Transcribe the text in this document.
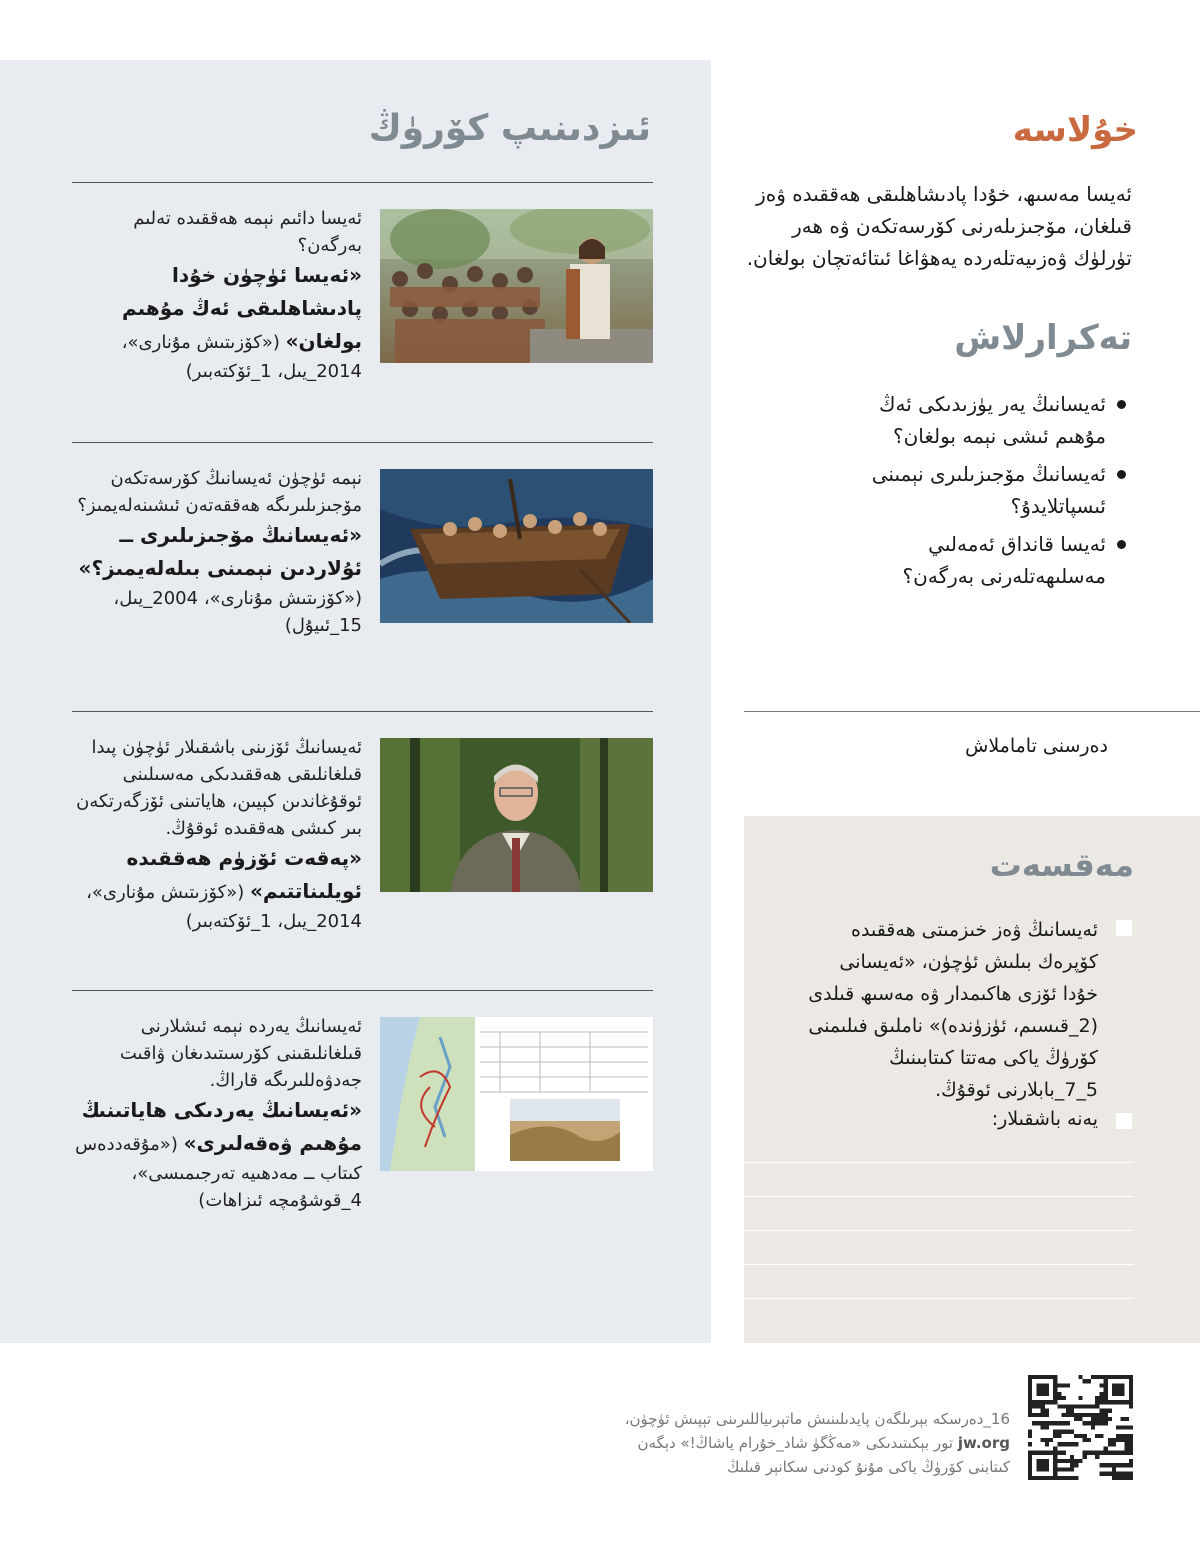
ئىزدىنىپ كۆرۈڭ
ئەيسا دائىم نېمە ھەققىدە تەلىم بەرگەن؟
«ئەيسا ئۈچۈن خۇدا پادىشاھلىقى ئەڭ مۇھىم بولغان» («كۆزىتىش مۇنارى»، 2014_يىل، 1_ئۆكتەبىر)
نېمە ئۈچۈن ئەيسانىڭ كۆرسەتكەن مۆجىزىلىرىگە ھەققەتەن ئىشىنەلەيمىز؟
«ئەيسانىڭ مۆجىزىلىرى ــ ئۇلاردىن نېمىنى بىلەلەيمىز؟» («كۆزىتىش مۇنارى»، 2004_يىل، 15_ئىيۇل)
ئەيسانىڭ ئۆزىنى باشقىلار ئۈچۈن پىدا قىلغانلىقى ھەققىدىكى مەسىلىنى ئوقۇغاندىن كېيىن، ھاياتىنى ئۆزگەرتكەن بىر كىشى ھەققىدە ئوقۇڭ.
«پەقەت ئۆزۈم ھەققىدە ئويلىناتتىم» («كۆزىتىش مۇنارى»، 2014_يىل، 1_ئۆكتەبىر)
ئەيسانىڭ يەردە نېمە ئىشلارنى قىلغانلىقىنى كۆرسىتىدىغان ۋاقىت جەدۋەللىرىگە قاراڭ.
«ئەيسانىڭ يەردىكى ھاياتىنىڭ مۇھىم ۋەقەلىرى» («مۇقەددەس كىتاب ــ مەدھىيە تەرجىمىسى»، 4_قوشۇمچە ئىزاھات)
خۇلاسە

ئەيسا مەسىھ، خۇدا پادىشاھلىقى ھەققىدە ۋەز قىلغان، مۆجىزىلەرنى كۆرسەتكەن ۋە ھەر تۈرلۈك ۋەزىيەتلەردە يەھۋاغا ئىتائەتچان بولغان.

تەكرارلاش
ئەيسانىڭ يەر يۈزىدىكى ئەڭ مۇھىم ئىشى نېمە بولغان؟
ئەيسانىڭ مۆجىزىلىرى نېمىنى ئىسپاتلايدۇ؟
ئەيسا قانداق ئەمەلىي مەسلىھەتلەرنى بەرگەن؟
دەرسنى تاماملاش
مەقسەت

ئەيسانىڭ ۋەز خىزمىتى ھەققىدە كۆپرەك بىلىش ئۈچۈن، «ئەيسانى خۇدا ئۆزى ھاكىمدار ۋە مەسىھ قىلدى (2_قىسىم، ئۈزۈندە)» ناملىق فىلىمنى كۆرۈڭ ياكى مەتتا كىتابىنىڭ 5_7_بابلارنى ئوقۇڭ.

يەنە باشقىلار:
16_دەرسكە بېرىلگەن پايدىلىنىش ماتېرىياللىرىنى تېپىش ئۈچۈن،
jw.org تور بېكىتىدىكى «مەڭگۈ شاد_خۇرام ياشاڭ!» دېگەن
كىتابنى كۆرۈڭ ياكى مۇنۇ كودنى سكانېر قىلىڭ
